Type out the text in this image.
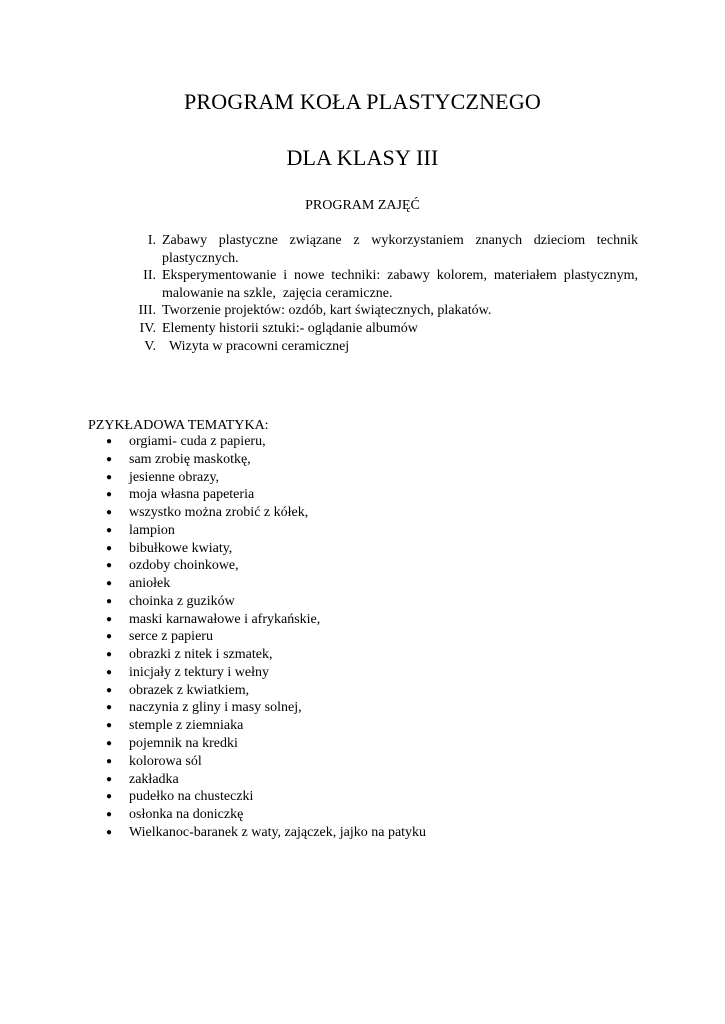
PROGRAM KOŁA PLASTYCZNEGO
DLA KLASY III
PROGRAM ZAJĘĆ
I. Zabawy plastyczne związane z wykorzystaniem znanych dzieciom technik plastycznych.
II. Eksperymentowanie i nowe techniki: zabawy kolorem, materiałem plastycznym, malowanie na szkle,  zajęcia ceramiczne.
III. Tworzenie projektów: ozdób, kart świątecznych, plakatów.
IV. Elementy historii sztuki:- oglądanie albumów
V. Wizyta w pracowni ceramicznej
PZYKŁADOWA TEMATYKA:
●	orgiami- cuda z papieru,
●	sam zrobię maskotkę,
●	jesienne obrazy,
●	moja własna papeteria
●	wszystko można zrobić z kółek,
●	lampion
●	bibułkowe kwiaty,
●	ozdoby choinkowe,
●	aniołek
●	choinka z guzików
●	maski karnawałowe i afrykańskie,
●	serce z papieru
●	obrazki z nitek i szmatek,
●	inicjały z tektury i wełny
●	obrazek z kwiatkiem,
●	naczynia z gliny i masy solnej,
●	stemple z ziemniaka
●	pojemnik na kredki
●	kolorowa sól
●	zakładka
●	pudełko na chusteczki
●	osłonka na doniczkę
●	Wielkanoc-baranek z waty, zajączek, jajko na patyku
